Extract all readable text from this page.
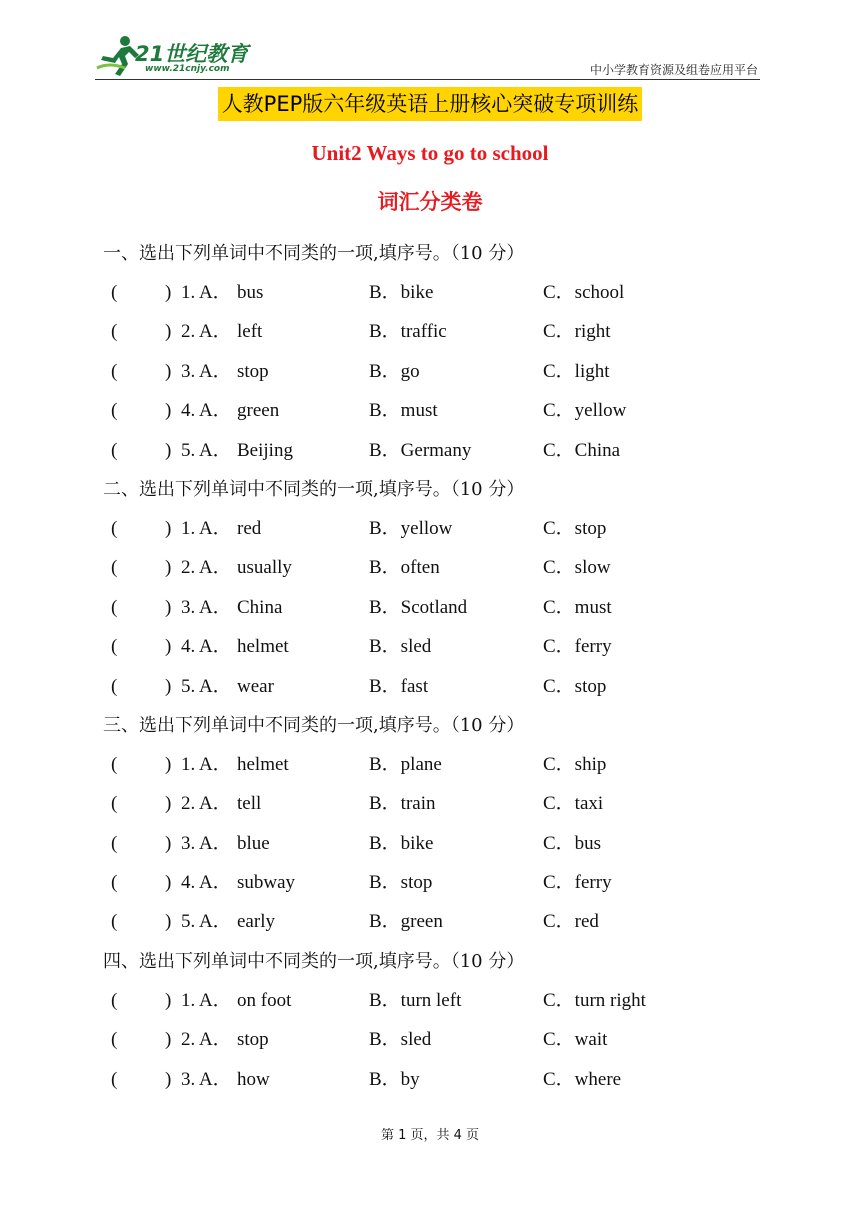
21世纪教育
www.21cnjy.com	中小学教育资源及组卷应用平台
人教PEP版六年级英语上册核心突破专项训练
Unit2 Ways to go to school
词汇分类卷
一、选出下列单词中不同类的一项,填序号。（10 分）
(	) 1. A． bus	B．bike	C．school
(	) 2. A． left	B．traffic	C．right
(	) 3. A． stop	B．go	C．light
(	) 4. A． green	B．must	C．yellow
(	) 5. A． Beijing	B．Germany	C．China
二、选出下列单词中不同类的一项,填序号。（10 分）
(	) 1. A． red	B．yellow	C．stop
(	) 2. A． usually	B．often	C．slow
(	) 3. A． China	B．Scotland	C．must
(	) 4. A． helmet	B．sled	C．ferry
(	) 5. A． wear	B．fast	C．stop
三、选出下列单词中不同类的一项,填序号。（10 分）
(	) 1. A． helmet	B．plane	C．ship
(	) 2. A． tell	B．train	C．taxi
(	) 3. A． blue	B．bike	C．bus
(	) 4. A． subway	B．stop	C．ferry
(	) 5. A． early	B．green	C．red
四、选出下列单词中不同类的一项,填序号。（10 分）
(	) 1. A． on foot	B．turn left	C．turn right
(	) 2. A． stop	B．sled	C．wait
(	) 3. A． how	B．by	C．where
第 1 页，共 4 页
